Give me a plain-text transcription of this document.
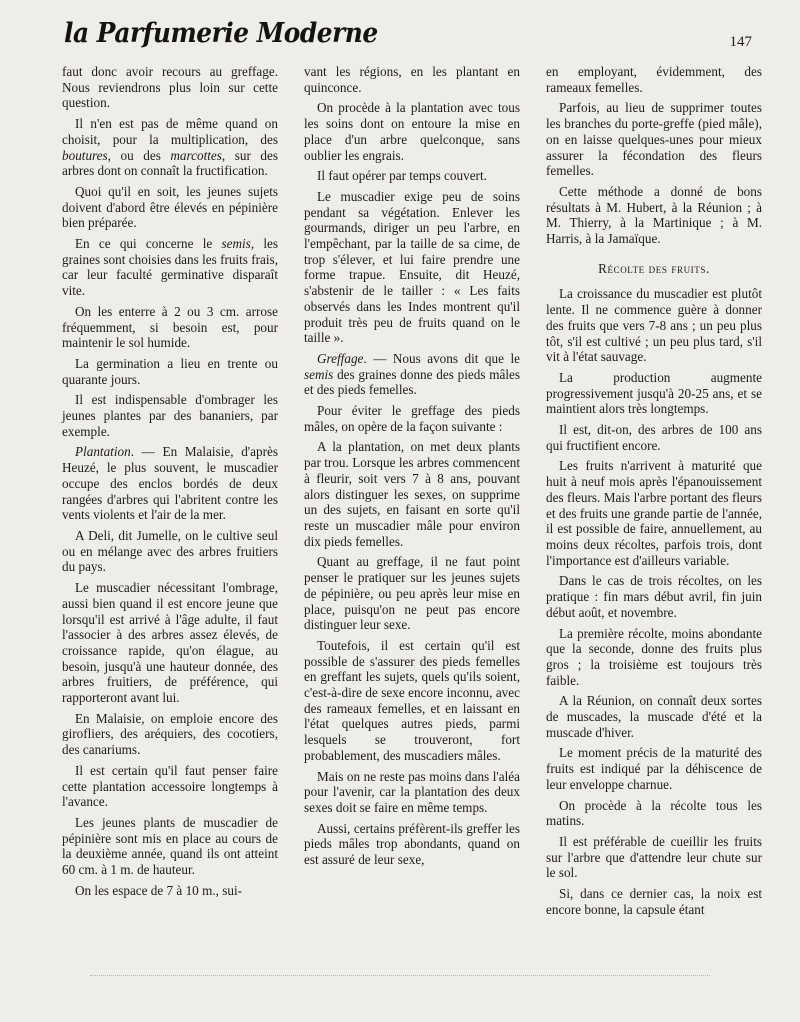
la Parfumerie Moderne	147

faut donc avoir recours au greffage. Nous reviendrons plus loin sur cette question.

Il n'en est pas de même quand on choisit, pour la multiplication, des boutures, ou des marcottes, sur des arbres dont on connaît la fructification.

Quoi qu'il en soit, les jeunes sujets doivent d'abord être élevés en pépinière bien préparée.

En ce qui concerne le semis, les graines sont choisies dans les fruits frais, car leur faculté germinative disparaît vite.

On les enterre à 2 ou 3 cm. arrose fréquemment, si besoin est, pour maintenir le sol humide.

La germination a lieu en trente ou quarante jours.

Il est indispensable d'ombrager les jeunes plantes par des bananiers, par exemple.

Plantation. — En Malaisie, d'après Heuzé, le plus souvent, le muscadier occupe des enclos bordés de deux rangées d'arbres qui l'abritent contre les vents violents et l'air de la mer.

A Deli, dit Jumelle, on le cultive seul ou en mélange avec des arbres fruitiers du pays.

Le muscadier nécessitant l'ombrage, aussi bien quand il est encore jeune que lorsqu'il est arrivé à l'âge adulte, il faut l'associer à des arbres assez élevés, de croissance rapide, qu'on élague, au besoin, jusqu'à une hauteur donnée, des arbres fruitiers, de préférence, qui rapporteront avant lui.

En Malaisie, on emploie encore des girofliers, des aréquiers, des cocotiers, des canariums.

Il est certain qu'il faut penser faire cette plantation accessoire longtemps à l'avance.

Les jeunes plants de muscadier de pépinière sont mis en place au cours de la deuxième année, quand ils ont atteint 60 cm. à 1 m. de hauteur.

On les espace de 7 à 10 m., sui-

vant les régions, en les plantant en quinconce.

On procède à la plantation avec tous les soins dont on entoure la mise en place d'un arbre quelconque, sans oublier les engrais.

Il faut opérer par temps couvert.

Le muscadier exige peu de soins pendant sa végétation. Enlever les gourmands, diriger un peu l'arbre, en l'empêchant, par la taille de sa cime, de trop s'élever, et lui faire prendre une forme trapue. Ensuite, dit Heuzé, s'abstenir de le tailler : « Les faits observés dans les Indes montrent qu'il produit très peu de fruits quand on le taille ».

Greffage. — Nous avons dit que le semis des graines donne des pieds mâles et des pieds femelles.

Pour éviter le greffage des pieds mâles, on opère de la façon suivante :

A la plantation, on met deux plants par trou. Lorsque les arbres commencent à fleurir, soit vers 7 à 8 ans, pouvant alors distinguer les sexes, on supprime un des sujets, en faisant en sorte qu'il reste un muscadier mâle pour environ dix pieds femelles.

Quant au greffage, il ne faut point penser le pratiquer sur les jeunes sujets de pépinière, ou peu après leur mise en place, puisqu'on ne peut pas encore distinguer leur sexe.

Toutefois, il est certain qu'il est possible de s'assurer des pieds femelles en greffant les sujets, quels qu'ils soient, c'est-à-dire de sexe encore inconnu, avec des rameaux femelles, et en laissant en l'état quelques autres pieds, parmi lesquels se trouveront, fort probablement, des muscadiers mâles.

Mais on ne reste pas moins dans l'aléa pour l'avenir, car la plantation des deux sexes doit se faire en même temps.

Aussi, certains préfèrent-ils greffer les pieds mâles trop abondants, quand on est assuré de leur sexe,

en employant, évidemment, des rameaux femelles.

Parfois, au lieu de supprimer toutes les branches du porte-greffe (pied mâle), on en laisse quelques-unes pour mieux assurer la fécondation des fleurs femelles.

Cette méthode a donné de bons résultats à M. Hubert, à la Réunion ; à M. Thierry, à la Martinique ; à M. Harris, à la Jamaïque.

Récolte des fruits.

La croissance du muscadier est plutôt lente. Il ne commence guère à donner des fruits que vers 7-8 ans ; un peu plus tôt, s'il est cultivé ; un peu plus tard, s'il vit à l'état sauvage.

La production augmente progressivement jusqu'à 20-25 ans, et se maintient alors très longtemps.

Il est, dit-on, des arbres de 100 ans qui fructifient encore.

Les fruits n'arrivent à maturité que huit à neuf mois après l'épanouissement des fleurs. Mais l'arbre portant des fleurs et des fruits une grande partie de l'année, il est possible de faire, annuellement, au moins deux récoltes, parfois trois, dont l'importance est d'ailleurs variable.

Dans le cas de trois récoltes, on les pratique : fin mars début avril, fin juin début août, et novembre.

La première récolte, moins abondante que la seconde, donne des fruits plus gros ; la troisième est toujours très faible.

A la Réunion, on connaît deux sortes de muscades, la muscade d'été et la muscade d'hiver.

Le moment précis de la maturité des fruits est indiqué par la déhiscence de leur enveloppe charnue.

On procède à la récolte tous les matins.

Il est préférable de cueillir les fruits sur l'arbre que d'attendre leur chute sur le sol.

Si, dans ce dernier cas, la noix est encore bonne, la capsule étant
